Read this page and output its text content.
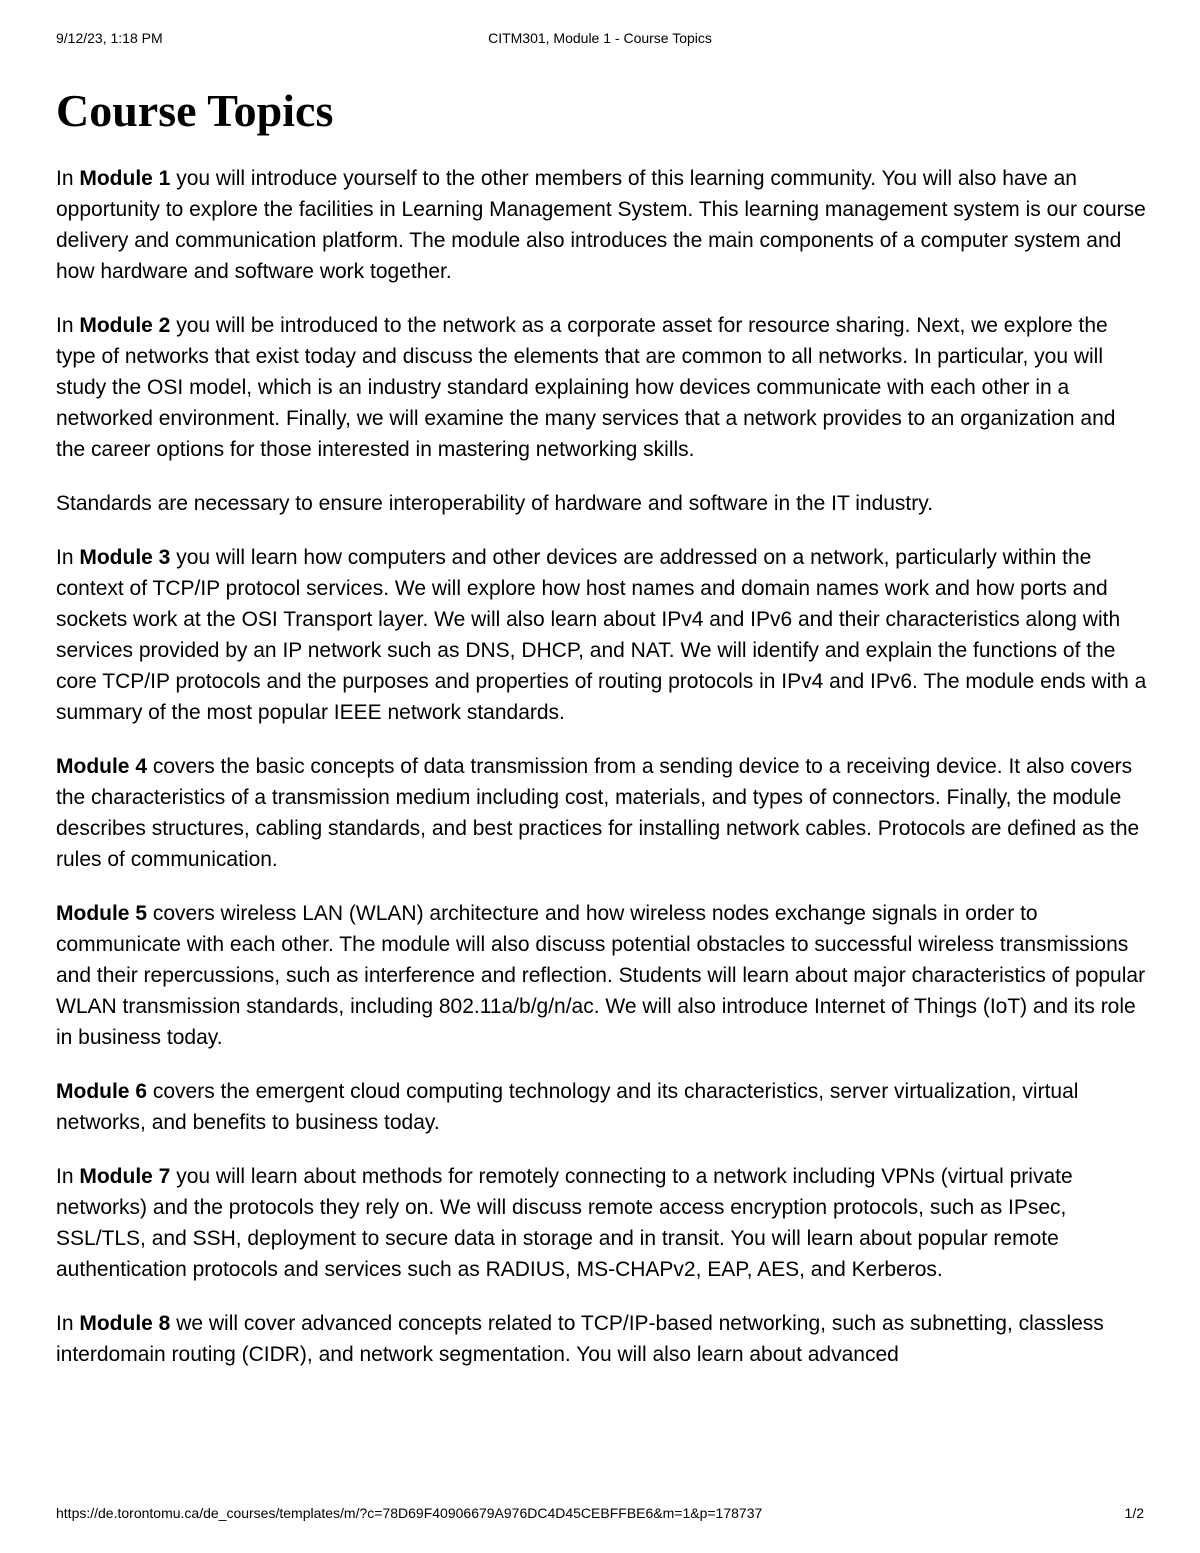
9/12/23, 1:18 PM	CITM301, Module 1 - Course Topics
Course Topics

In Module 1 you will introduce yourself to the other members of this learning community. You will also have an opportunity to explore the facilities in Learning Management System. This learning management system is our course delivery and communication platform. The module also introduces the main components of a computer system and how hardware and software work together.

In Module 2 you will be introduced to the network as a corporate asset for resource sharing. Next, we explore the type of networks that exist today and discuss the elements that are common to all networks. In particular, you will study the OSI model, which is an industry standard explaining how devices communicate with each other in a networked environment. Finally, we will examine the many services that a network provides to an organization and the career options for those interested in mastering networking skills.

Standards are necessary to ensure interoperability of hardware and software in the IT industry.

In Module 3 you will learn how computers and other devices are addressed on a network, particularly within the context of TCP/IP protocol services. We will explore how host names and domain names work and how ports and sockets work at the OSI Transport layer. We will also learn about IPv4 and IPv6 and their characteristics along with services provided by an IP network such as DNS, DHCP, and NAT. We will identify and explain the functions of the core TCP/IP protocols and the purposes and properties of routing protocols in IPv4 and IPv6. The module ends with a summary of the most popular IEEE network standards.

Module 4 covers the basic concepts of data transmission from a sending device to a receiving device. It also covers the characteristics of a transmission medium including cost, materials, and types of connectors. Finally, the module describes structures, cabling standards, and best practices for installing network cables. Protocols are defined as the rules of communication.

Module 5 covers wireless LAN (WLAN) architecture and how wireless nodes exchange signals in order to communicate with each other. The module will also discuss potential obstacles to successful wireless transmissions and their repercussions, such as interference and reflection. Students will learn about major characteristics of popular WLAN transmission standards, including 802.11a/b/g/n/ac. We will also introduce Internet of Things (IoT) and its role in business today.

Module 6 covers the emergent cloud computing technology and its characteristics, server virtualization, virtual networks, and benefits to business today.

In Module 7 you will learn about methods for remotely connecting to a network including VPNs (virtual private networks) and the protocols they rely on. We will discuss remote access encryption protocols, such as IPsec, SSL/TLS, and SSH, deployment to secure data in storage and in transit. You will learn about popular remote authentication protocols and services such as RADIUS, MS-CHAPv2, EAP, AES, and Kerberos.

In Module 8 we will cover advanced concepts related to TCP/IP-based networking, such as subnetting, classless interdomain routing (CIDR), and network segmentation. You will also learn about advanced

https://de.torontomu.ca/de_courses/templates/m/?c=78D69F40906679A976DC4D45CEBFFBE6&m=1&p=178737	1/2
